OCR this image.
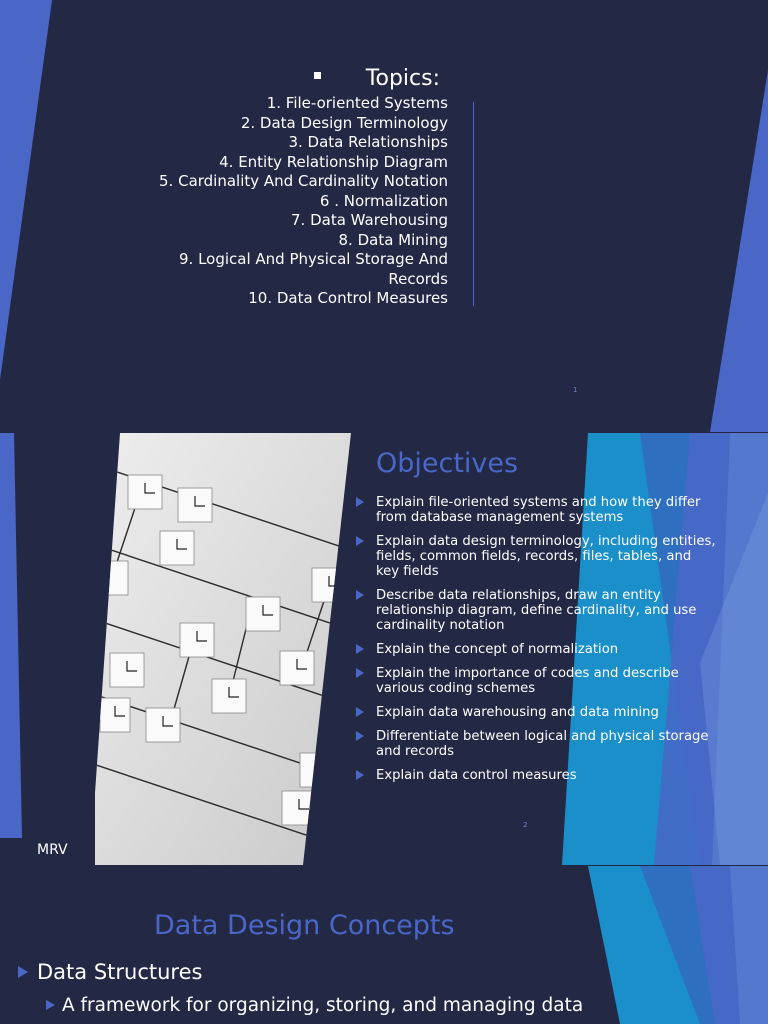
Topics:
1. File-oriented Systems
2. Data Design Terminology
3. Data Relationships
4. Entity Relationship Diagram
5. Cardinality And Cardinality Notation
6 . Normalization
7. Data Warehousing
8. Data Mining
9. Logical And Physical Storage And
Records
10. Data Control Measures
1
Objectives
Explain file-oriented systems and how they differ from database management systems
Explain data design terminology, including entities, fields, common fields, records, files, tables, and key fields
Describe data relationships, draw an entity relationship diagram, define cardinality, and use cardinality notation
Explain the concept of normalization
Explain the importance of codes and describe various coding schemes
Explain data warehousing and data mining
Differentiate between logical and physical storage and records
Explain data control measures
MRV
2
Data Design Concepts
Data Structures
A framework for organizing, storing, and managing data
